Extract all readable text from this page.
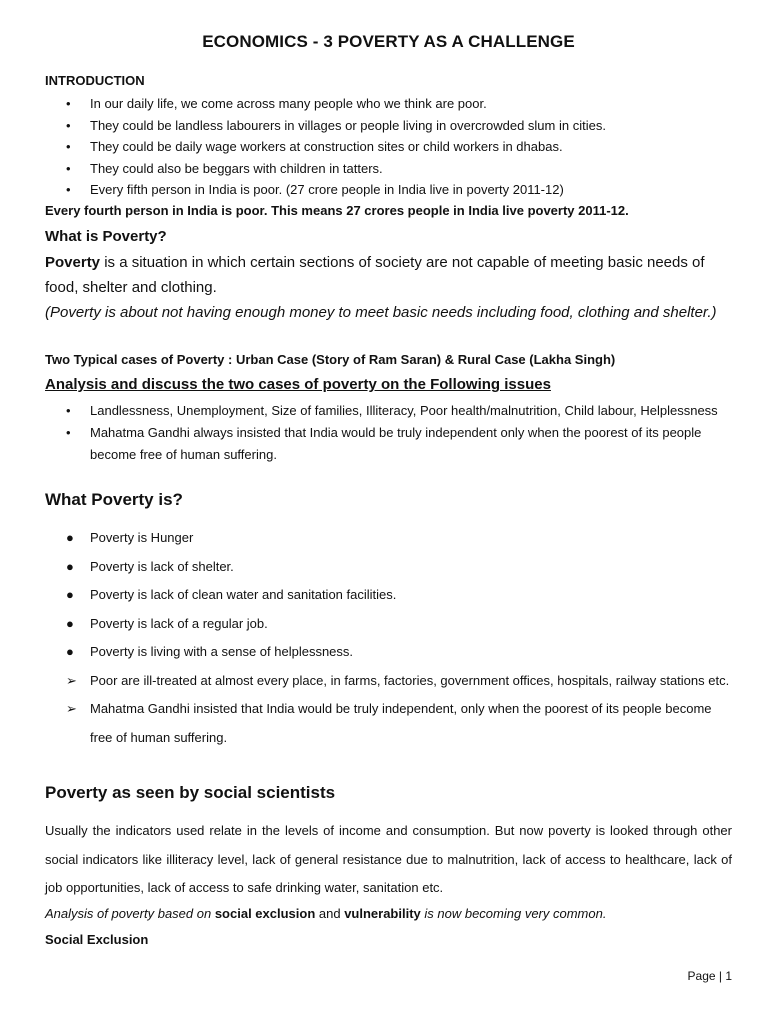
ECONOMICS - 3 POVERTY AS A CHALLENGE
INTRODUCTION
• In our daily life, we come across many people who we think are poor.
• They could be landless labourers in villages or people living in overcrowded slum in cities.
• They could be daily wage workers at construction sites or child workers in dhabas.
• They could also be beggars with children in tatters.
• Every fifth person in India is poor. (27 crore people in India live in poverty 2011-12)
Every fourth person in India is poor. This means 27 crores people in India live poverty 2011-12.
What is Poverty?
Poverty is a situation in which certain sections of society are not capable of meeting basic needs of food, shelter and clothing.
(Poverty is about not having enough money to meet basic needs including food, clothing and shelter.)
Two Typical cases of Poverty : Urban Case (Story of Ram Saran) & Rural Case (Lakha Singh)
Analysis and discuss the two cases of poverty on the Following issues
• Landlessness, Unemployment, Size of families, Illiteracy, Poor health/malnutrition, Child labour, Helplessness
• Mahatma Gandhi always insisted that India would be truly independent only when the poorest of its people become free of human suffering.
What Poverty is?
● Poverty is Hunger
● Poverty is lack of shelter.
● Poverty is lack of clean water and sanitation facilities.
● Poverty is lack of a regular job.
● Poverty is living with a sense of helplessness.
➢ Poor are ill-treated at almost every place, in farms, factories, government offices, hospitals, railway stations etc.
➢ Mahatma Gandhi insisted that India would be truly independent, only when the poorest of its people become free of human suffering.
Poverty as seen by social scientists
Usually the indicators used relate in the levels of income and consumption. But now poverty is looked through other social indicators like illiteracy level, lack of general resistance due to malnutrition, lack of access to healthcare, lack of job opportunities, lack of access to safe drinking water, sanitation etc.
Analysis of poverty based on social exclusion and vulnerability is now becoming very common.
Social Exclusion
Page | 1
